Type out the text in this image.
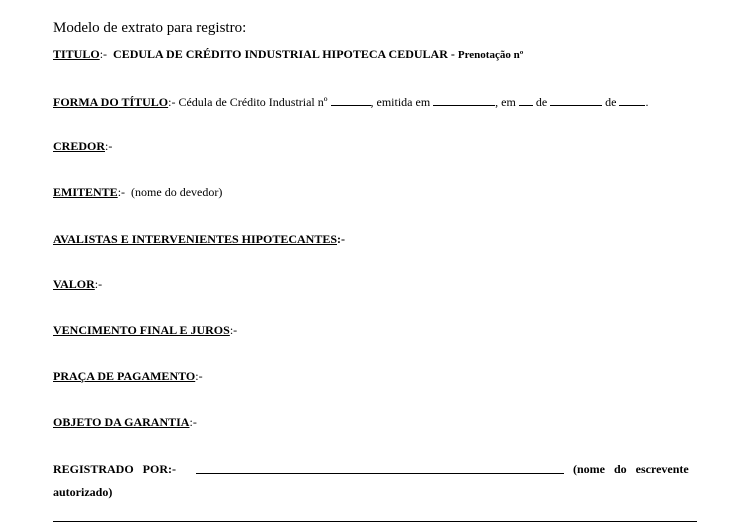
Modelo de extrato para registro:
TITULO:-  CEDULA DE CRÉDITO INDUSTRIAL HIPOTECA CEDULAR - Prenotação nº
FORMA DO TÍTULO:- Cédula de Crédito Industrial nº	, emitida em	, em  de	de .
CREDOR:-
EMITENTE:-  (nome do devedor)
AVALISTAS E INTERVENIENTES HIPOTECANTES:-
VALOR:-
VENCIMENTO FINAL E JUROS:-
PRAÇA DE PAGAMENTO:-
OBJETO DA GARANTIA:-
REGISTRADO   POR:-	(nome   do   escrevente
autorizado)
